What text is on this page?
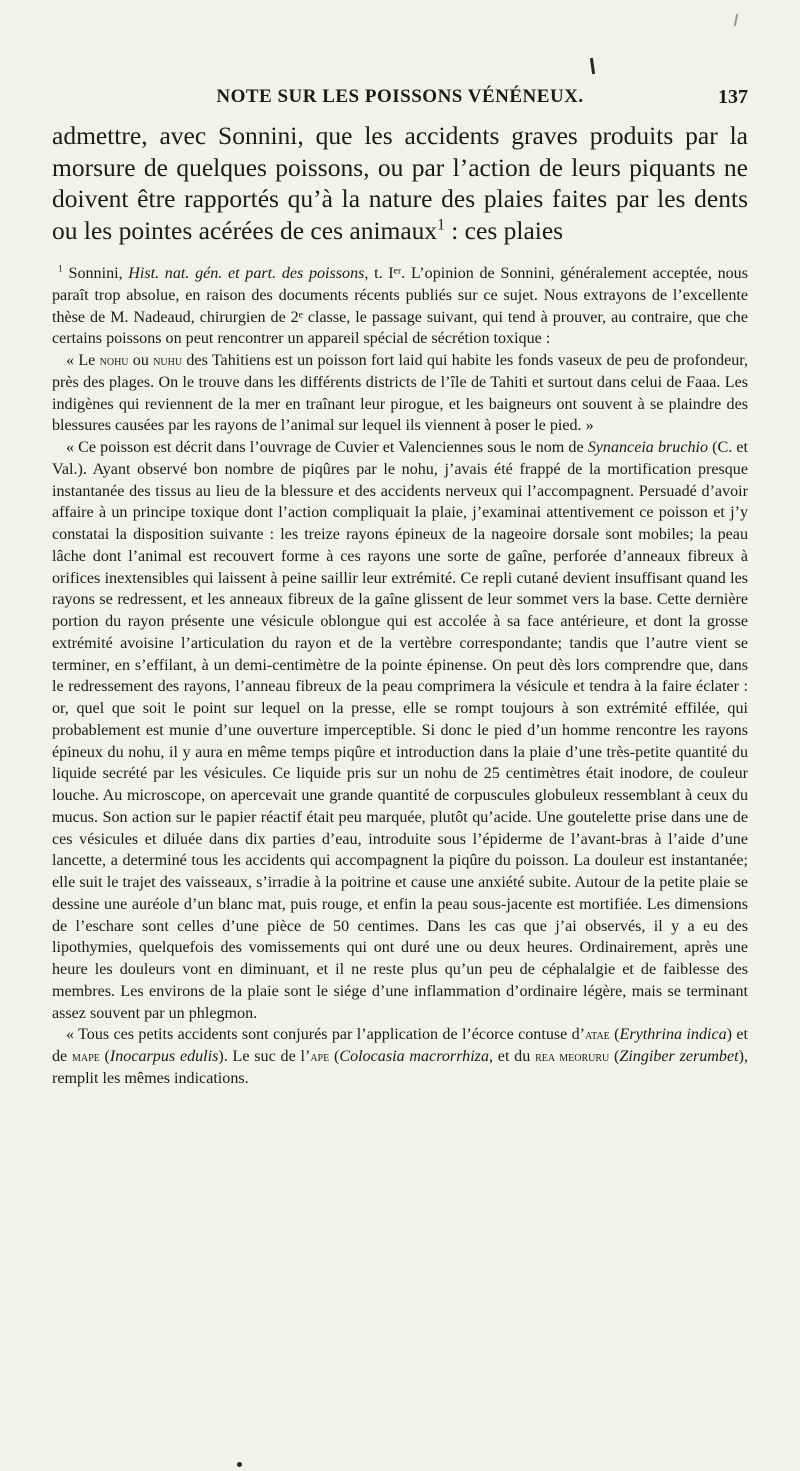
NOTE SUR LES POISSONS VÉNÉNEUX.	137
admettre, avec Sonnini, que les accidents graves produits par la morsure de quelques poissons, ou par l’action de leurs piquants ne doivent être rapportés qu’à la nature des plaies faites par les dents ou les pointes acérées de ces animaux$^1$ : ces plaies

$^1$ Sonnini, Hist. nat. gén. et part. des poissons, t. Iᵉʳ. L’opinion de Sonnini, généralement acceptée, nous paraît trop absolue, en raison des documents récents publiés sur ce sujet. Nous extrayons de l’excellente thèse de M. Nadeaud, chirurgien de 2ᵉ classe, le passage suivant, qui tend à prouver, au contraire, que che certains poissons on peut rencontrer un appareil spécial de sécrétion toxique :

« Le nohu ou nuhu des Tahitiens est un poisson fort laid qui habite les fonds vaseux de peu de profondeur, près des plages. On le trouve dans les différents districts de l’île de Tahiti et surtout dans celui de Faaa. Les indigènes qui reviennent de la mer en traînant leur pirogue, et les baigneurs ont souvent à se plaindre des blessures causées par les rayons de l’animal sur lequel ils viennent à poser le pied. »

« Ce poisson est décrit dans l’ouvrage de Cuvier et Valenciennes sous le nom de Synanceia bruchio (C. et Val.). Ayant observé bon nombre de piqûres par le nohu, j’avais été frappé de la mortification presque instantanée des tissus au lieu de la blessure et des accidents nerveux qui l’accompagnent. Persuadé d’avoir affaire à un principe toxique dont l’action compliquait la plaie, j’examinai attentivement ce poisson et j’y constatai la disposition suivante : les treize rayons épineux de la nageoire dorsale sont mobiles; la peau lâche dont l’animal est recouvert forme à ces rayons une sorte de gaîne, perforée d’anneaux fibreux à orifices inextensibles qui laissent à peine saillir leur extrémité. Ce repli cutané devient insuffisant quand les rayons se redressent, et les anneaux fibreux de la gaîne glissent de leur sommet vers la base. Cette dernière portion du rayon présente une vésicule oblongue qui est accolée à sa face antérieure, et dont la grosse extrémité avoisine l’articulation du rayon et de la vertèbre correspondante; tandis que l’autre vient se terminer, en s’effilant, à un demi-centimètre de la pointe épinense. On peut dès lors comprendre que, dans le redressement des rayons, l’anneau fibreux de la peau comprimera la vésicule et tendra à la faire éclater : or, quel que soit le point sur lequel on la presse, elle se rompt toujours à son extrémité effilée, qui probablement est munie d’une ouverture imperceptible. Si donc le pied d’un homme rencontre les rayons épineux du nohu, il y aura en même temps piqûre et introduction dans la plaie d’une très-petite quantité du liquide secrété par les vésicules. Ce liquide pris sur un nohu de 25 centimètres était inodore, de couleur louche. Au microscope, on apercevait une grande quantité de corpuscules globuleux ressemblant à ceux du mucus. Son action sur le papier réactif était peu marquée, plutôt qu’acide. Une goutelette prise dans une de ces vésicules et diluée dans dix parties d’eau, introduite sous l’épiderme de l’avant-bras à l’aide d’une lancette, a determiné tous les accidents qui accompagnent la piqûre du poisson. La douleur est instantanée; elle suit le trajet des vaisseaux, s’irradie à la poitrine et cause une anxiété subite. Autour de la petite plaie se dessine une auréole d’un blanc mat, puis rouge, et enfin la peau sous-jacente est mortifiée. Les dimensions de l’eschare sont celles d’une pièce de 50 centimes. Dans les cas que j’ai observés, il y a eu des lipothymies, quelquefois des vomissements qui ont duré une ou deux heures. Ordinairement, après une heure les douleurs vont en diminuant, et il ne reste plus qu’un peu de céphalalgie et de faiblesse des membres. Les environs de la plaie sont le siége d’une inflammation d’ordinaire légère, mais se terminant assez souvent par un phlegmon.

« Tous ces petits accidents sont conjurés par l’application de l’écorce contuse d’atae (Erythrina indica) et de mape (Inocarpus edulis). Le suc de l’ape (Colocasia macrorrhiza, et du rea meoruru (Zingiber zerumbet), remplit les mêmes indications.
